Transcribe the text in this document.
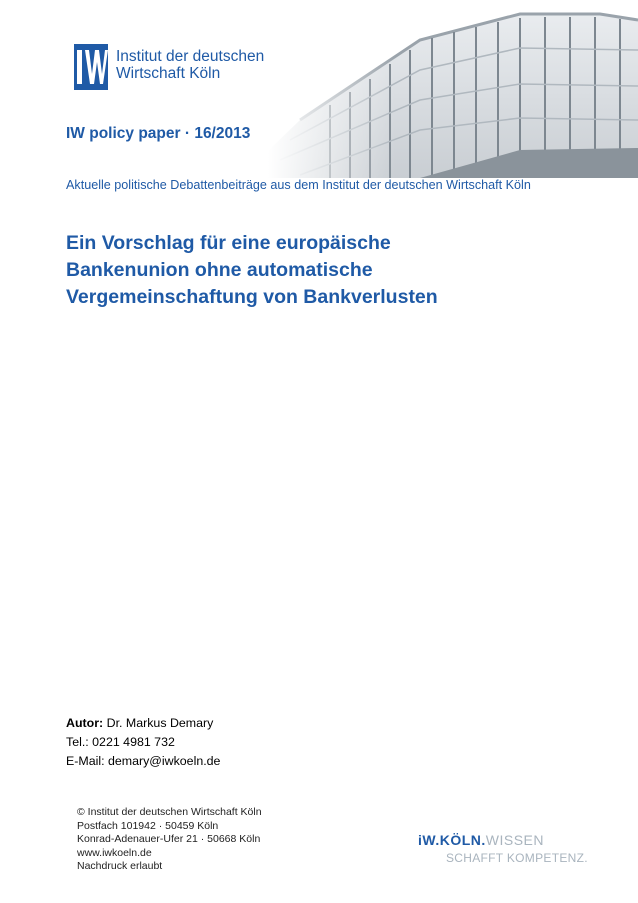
Institut der deutschen
Wirtschaft Köln
IW policy paper · 16/2013
Aktuelle politische Debattenbeiträge aus dem Institut der deutschen Wirtschaft Köln
Ein Vorschlag für eine europäische
Bankenunion ohne automatische
Vergemeinschaftung von Bankverlusten
Autor: Dr. Markus Demary
Tel.: 0221 4981 732
E-Mail: demary@iwkoeln.de
© Institut der deutschen Wirtschaft Köln
Postfach 101942 · 50459 Köln
Konrad-Adenauer-Ufer 21 · 50668 Köln
www.iwkoeln.de
Nachdruck erlaubt
iW.KÖLN.WISSEN
SCHAFFT KOMPETENZ.
